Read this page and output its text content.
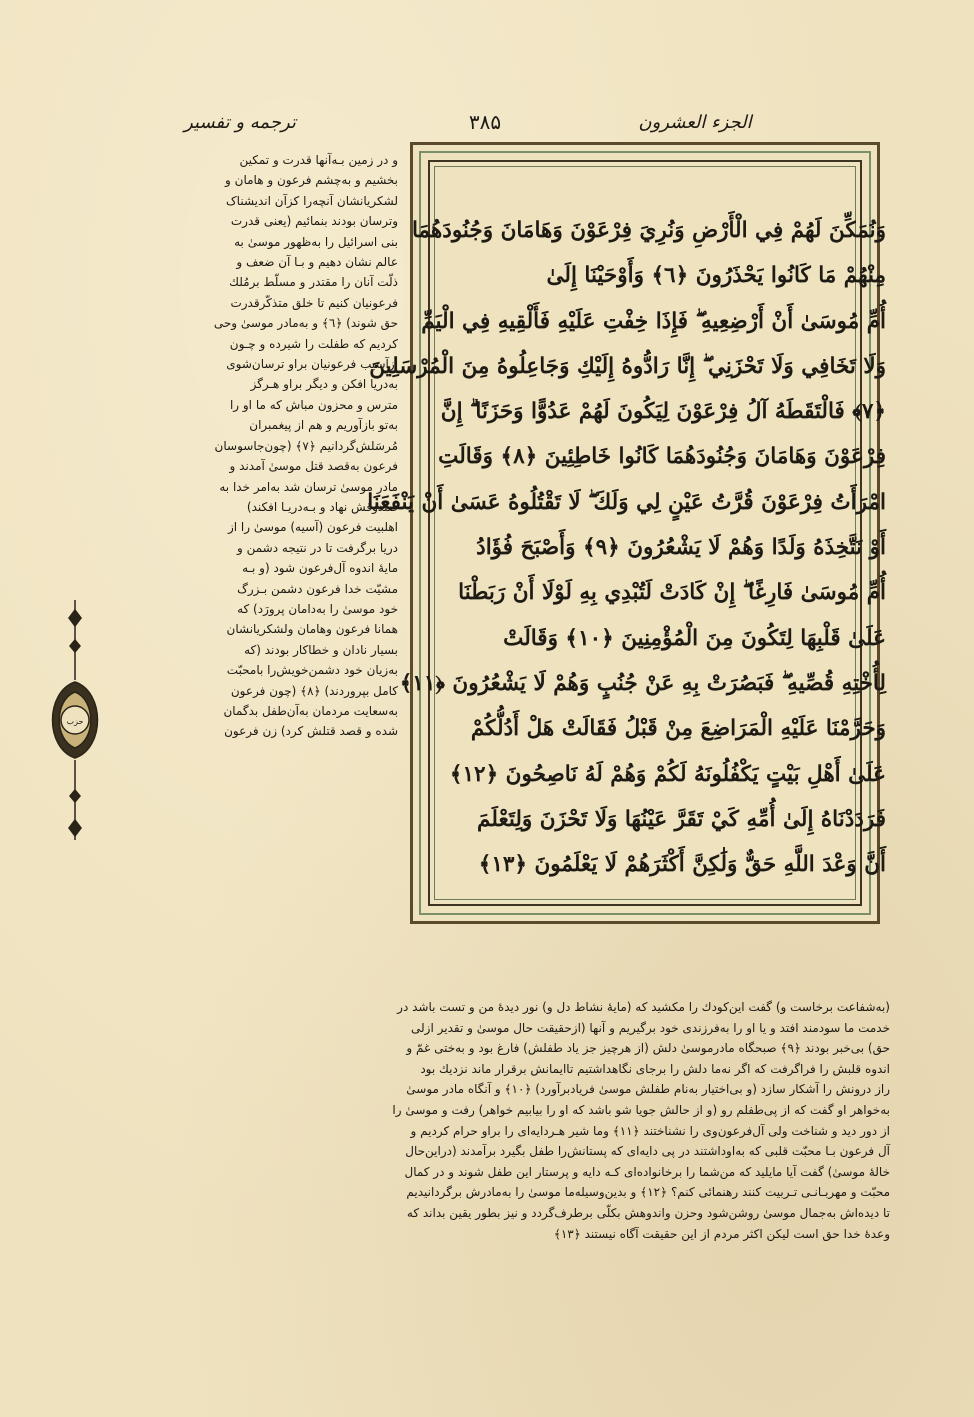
ترجمه و تفسیر	۳۸۵	الجزء العشرون
وَنُمَكِّنَ لَهُمْ فِي الْأَرْضِ وَنُرِيَ فِرْعَوْنَ وَهَامَانَ وَجُنُودَهُمَا
مِنْهُمْ مَا كَانُوا يَحْذَرُونَ ﴿٦﴾ وَأَوْحَيْنَا إِلَىٰ
أُمِّ مُوسَىٰ أَنْ أَرْضِعِيهِ ۖ فَإِذَا خِفْتِ عَلَيْهِ فَأَلْقِيهِ فِي الْيَمِّ
وَلَا تَخَافِي وَلَا تَحْزَنِي ۖ إِنَّا رَادُّوهُ إِلَيْكِ وَجَاعِلُوهُ مِنَ الْمُرْسَلِينَ
﴿٧﴾ فَالْتَقَطَهُ آلُ فِرْعَوْنَ لِيَكُونَ لَهُمْ عَدُوًّا وَحَزَنًا ۗ إِنَّ
فِرْعَوْنَ وَهَامَانَ وَجُنُودَهُمَا كَانُوا خَاطِئِينَ ﴿٨﴾ وَقَالَتِ
امْرَأَتُ فِرْعَوْنَ قُرَّتُ عَيْنٍ لِي وَلَكَ ۖ لَا تَقْتُلُوهُ عَسَىٰ أَنْ يَنْفَعَنَا
أَوْ نَتَّخِذَهُ وَلَدًا وَهُمْ لَا يَشْعُرُونَ ﴿٩﴾ وَأَصْبَحَ فُؤَادُ
أُمِّ مُوسَىٰ فَارِغًا ۖ إِنْ كَادَتْ لَتُبْدِي بِهِ لَوْلَا أَنْ رَبَطْنَا
عَلَىٰ قَلْبِهَا لِتَكُونَ مِنَ الْمُؤْمِنِينَ ﴿١٠﴾ وَقَالَتْ
لِأُخْتِهِ قُصِّيهِ ۖ فَبَصُرَتْ بِهِ عَنْ جُنُبٍ وَهُمْ لَا يَشْعُرُونَ ﴿١١﴾
وَحَرَّمْنَا عَلَيْهِ الْمَرَاضِعَ مِنْ قَبْلُ فَقَالَتْ هَلْ أَدُلُّكُمْ
عَلَىٰ أَهْلِ بَيْتٍ يَكْفُلُونَهُ لَكُمْ وَهُمْ لَهُ نَاصِحُونَ ﴿١٢﴾
فَرَدَدْنَاهُ إِلَىٰ أُمِّهِ كَيْ تَقَرَّ عَيْنُهَا وَلَا تَحْزَنَ وَلِتَعْلَمَ
أَنَّ وَعْدَ اللَّهِ حَقٌّ وَلَٰكِنَّ أَكْثَرَهُمْ لَا يَعْلَمُونَ ﴿١٣﴾
و در زمین بـه‌آنها قدرت و تمکین
بخشیم و به‌چشم فرعون و هامان و
لشکریانشان آنچه‌را کزآن اندیشناک
وترسان بودند بنمائیم (یعنی قدرت
بنی اسرائیل را به‌ظهور موسیٰ به
عالم نشان دهیم و بـا آن ضعف و
ذلّت آنان را مقتدر و مسلّط برمُلك
فرعونیان کنیم تا خلق متذکّرقدرت
حق شوند) ﴿٦﴾ و به‌مادر موسیٰ وحی
کردیم که طفلت را شیرده و چـون
ازآسیب فرعونیان براو ترسان‌شوی
به‌دریا افکن و دیگر براو هـرگز
مترس و محزون مباش که ما او را
به‌تو بازآوریم و هم از پیغمبران
مُرسَلش‌گردانیم ﴿٧﴾ (چون‌جاسوسان
فرعون به‌قصد قتل موسیٰ آمدند و
مادر موسیٰ ترسان شد به‌امر خدا به
صندوقش نهاد و بـه‌دریـا افکند)
اهلبیت فرعون (آسیه) موسیٰ را از
دریا برگرفت تا در نتیجه دشمن و
مایهٔ اندوه آل‌فرعون شود (و بـه
مشیّت خدا فرعون دشمن بـزرگ
خود موسیٰ را به‌دامان پرورَد) که
همانا فرعون وهامان ولشکریانشان
بسیار نادان و خطاکار بودند (که
به‌زیان خود دشمن‌خویش‌را بامحبّت
کامل بپروردند) ﴿٨﴾ (چون فرعون
به‌سعایت مردمان به‌آن‌طفل بدگمان
شده و قصد قتلش کرد) زن فرعون
(به‌شفاعت برخاست و) گفت این‌کودك را مکشید که (مایهٔ نشاط دل و) نور دیدهٔ من و تست باشد در
خدمت ما سودمند افتد و یا او را به‌فرزندی خود برگیریم و آنها (ازحقیقت حال موسیٰ و تقدیر ازلی
حق) بی‌خبر بودند ﴿٩﴾ صبحگاه مادرموسیٰ دلش (از هرچیز جز یاد طفلش) فارغ بود و به‌ختی غمّ و
اندوه قلبش را فراگرفت که اگر نه‌ما دلش را برجای نگاهداشتیم تاایمانش برقرار ماند نزدیك بود
راز درونش را آشکار سازد (و بی‌اختیار به‌نام طفلش موسیٰ فریادبرآورد) ﴿١٠﴾ و آنگاه مادر موسیٰ
به‌خواهر او گفت که از پی‌طفلم رو (و از حالش جویا شو باشد که او را بیابیم خواهر) رفت و موسیٰ را
از دور دید و شناخت ولی آل‌فرعون‌وی را نشناختند ﴿١١﴾ وما شیر هـر‌دایه‌ای را براو حرام کردیم و
آل فرعون بـا محبّت قلبی که به‌اوداشتند در پی دایه‌ای که پستانش‌را طفل بگیرد برآمدند (دراین‌حال
خالهٔ موسیٰ) گفت آیا مایلید که من‌شما را برخانواده‌ای کـه دایه و پرستار این طفل شوند و در کمال
محبّت و مهربـانـی تـربیت کنند رهنمائی کنم؟ ﴿١٢﴾ و بدین‌وسیله‌ما موسیٰ را به‌مادرش برگردانیدیم
تا دیده‌اش به‌جمال موسیٰ روشن‌شود وحزن واندوهش بکلّی برطرف‌گردد و نیز بطور یقین بداند که
وعدهٔ خدا حق است لیکن اکثر مردم از این حقیقت آگاه نیستند ﴿١٣﴾
حزب
